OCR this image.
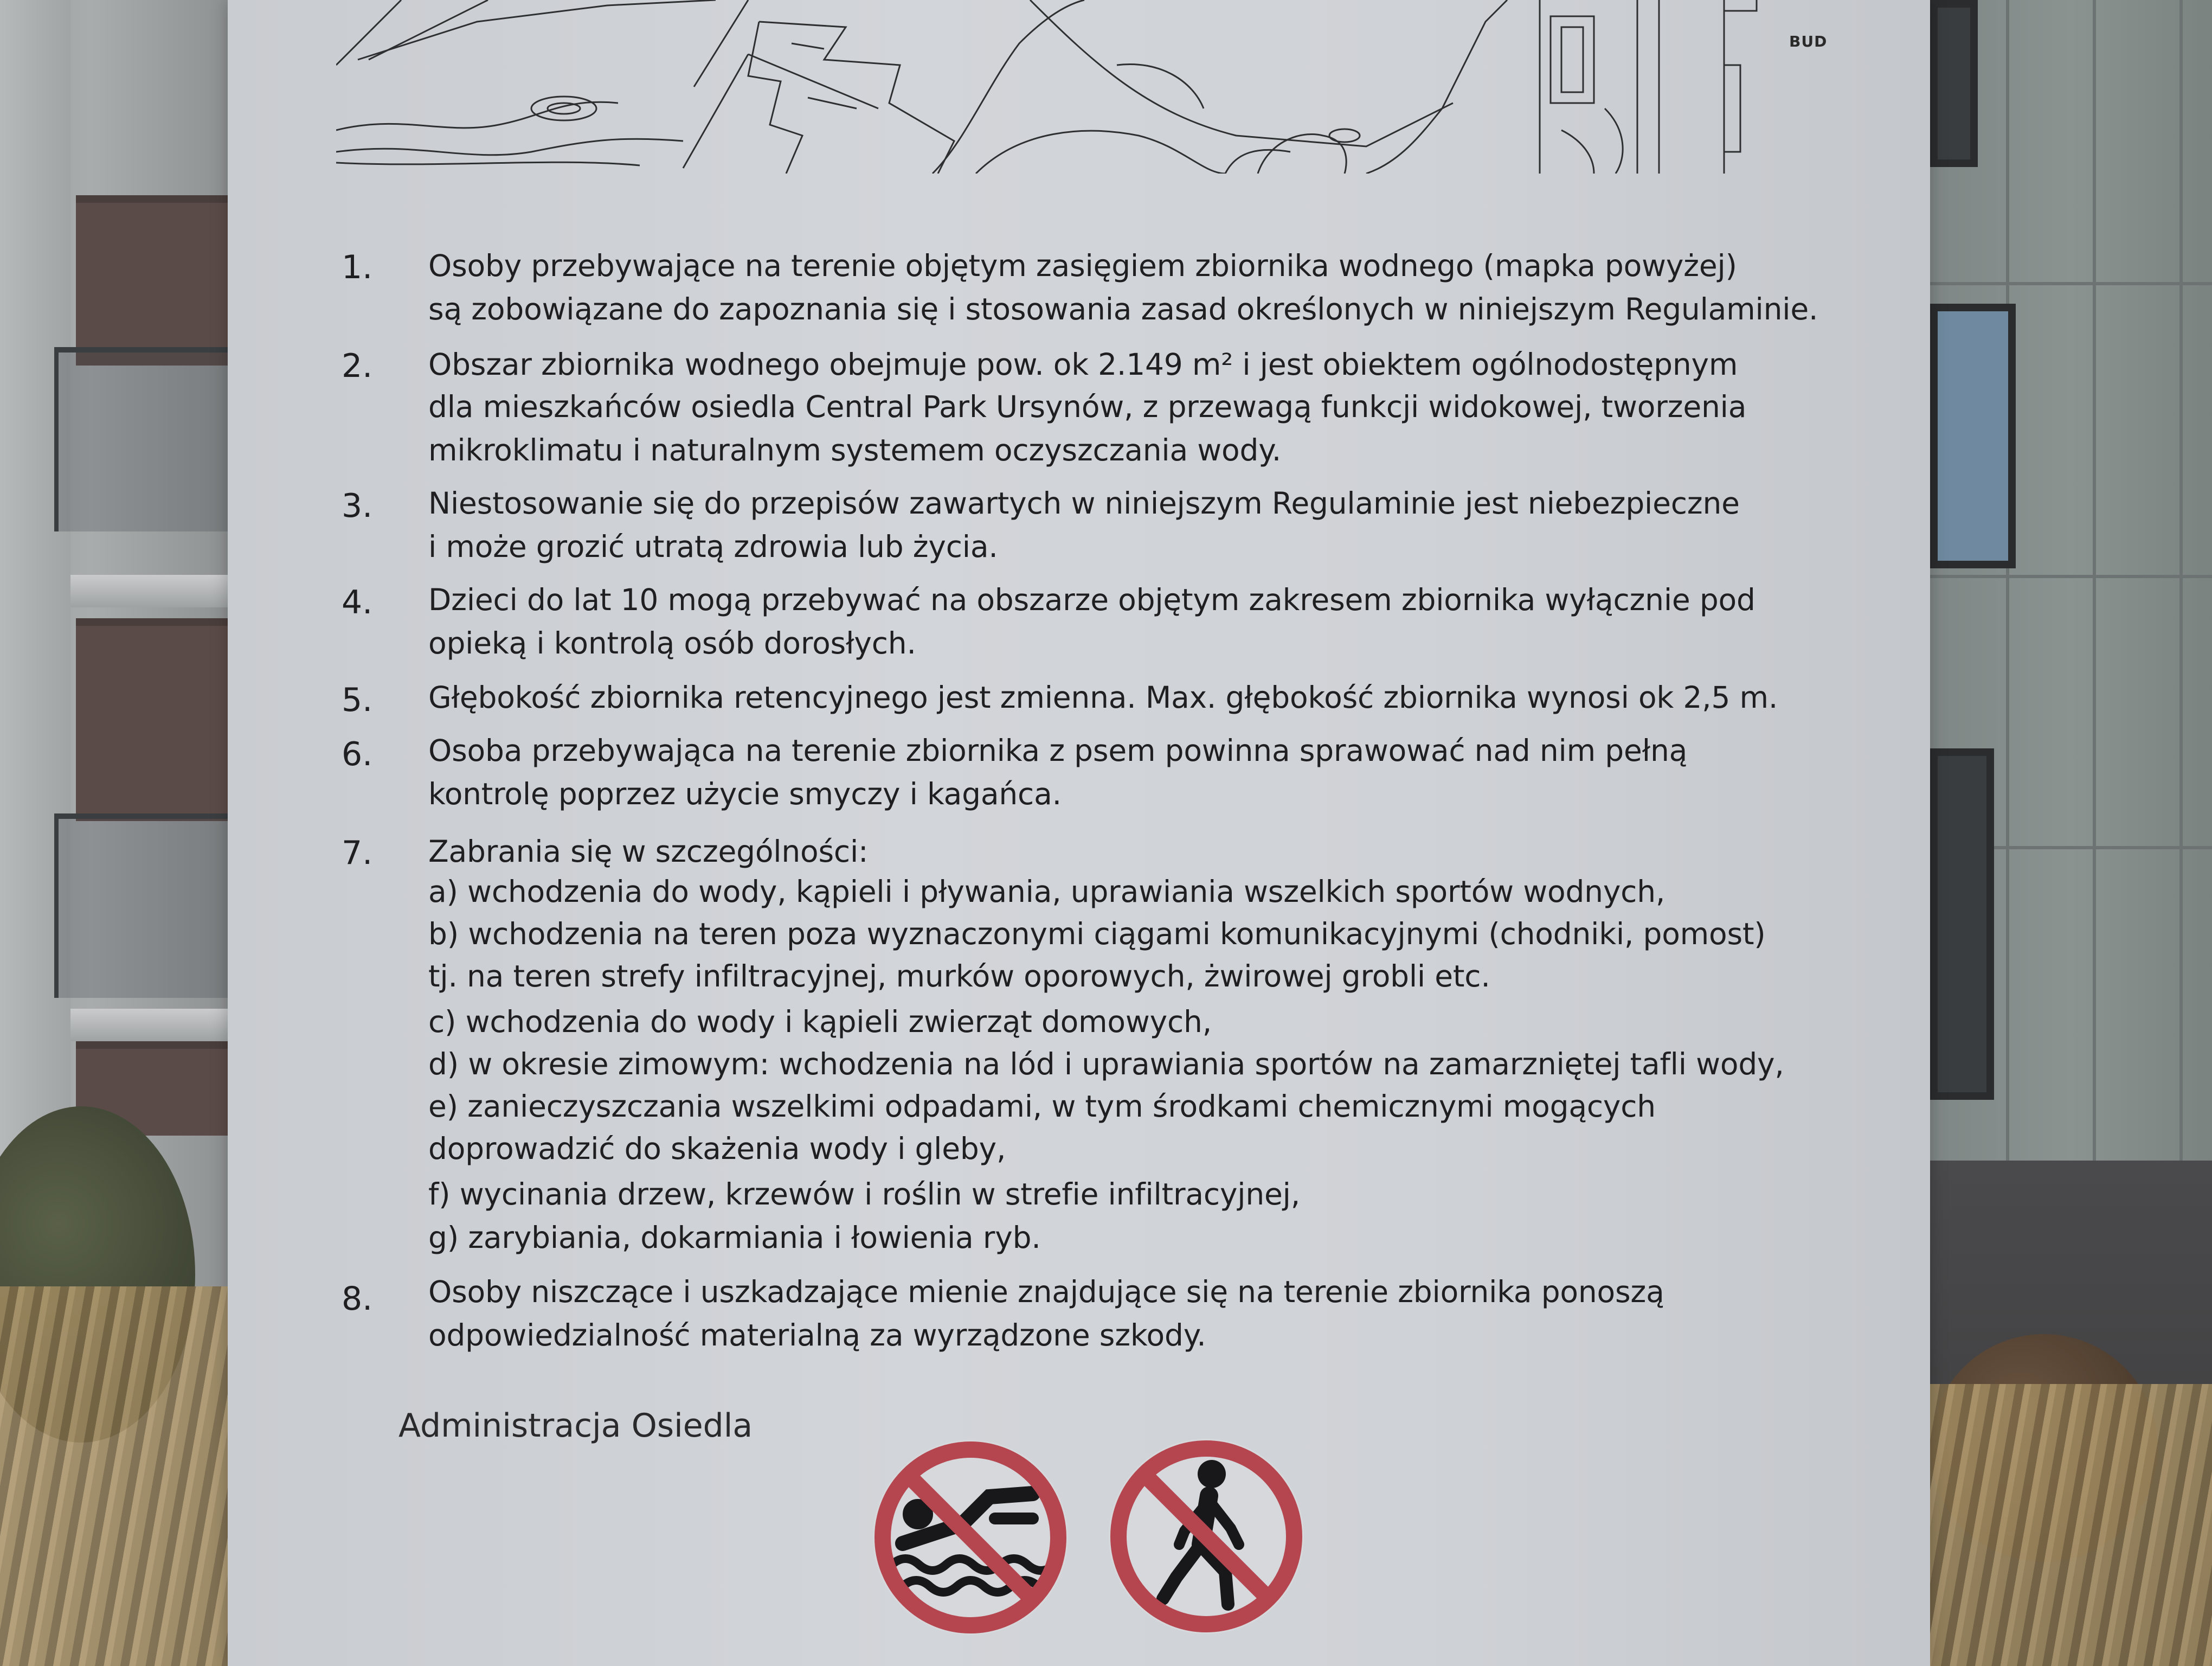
BUD
1. Osoby przebywające na terenie objętym zasięgiem zbiornika wodnego (mapka powyżej)
są zobowiązane do zapoznania się i stosowania zasad określonych w niniejszym Regulaminie.
2. Obszar zbiornika wodnego obejmuje pow. ok 2.149 m² i jest obiektem ogólnodostępnym
dla mieszkańców osiedla Central Park Ursynów, z przewagą funkcji widokowej, tworzenia
mikroklimatu i naturalnym systemem oczyszczania wody.
3. Niestosowanie się do przepisów zawartych w niniejszym Regulaminie jest niebezpieczne
i może grozić utratą zdrowia lub życia.
4. Dzieci do lat 10 mogą przebywać na obszarze objętym zakresem zbiornika wyłącznie pod
opieką i kontrolą osób dorosłych.
5. Głębokość zbiornika retencyjnego jest zmienna. Max. głębokość zbiornika wynosi ok 2,5 m.
6. Osoba przebywająca na terenie zbiornika z psem powinna sprawować nad nim pełną
kontrolę poprzez użycie smyczy i kagańca.
7. Zabrania się w szczególności:
a) wchodzenia do wody, kąpieli i pływania, uprawiania wszelkich sportów wodnych,
b) wchodzenia na teren poza wyznaczonymi ciągami komunikacyjnymi (chodniki, pomost)
tj. na teren strefy infiltracyjnej, murków oporowych, żwirowej grobli etc.
c) wchodzenia do wody i kąpieli zwierząt domowych,
d) w okresie zimowym: wchodzenia na lód i uprawiania sportów na zamarzniętej tafli wody,
e) zanieczyszczania wszelkimi odpadami, w tym środkami chemicznymi mogących
doprowadzić do skażenia wody i gleby,
f) wycinania drzew, krzewów i roślin w strefie infiltracyjnej,
g) zarybiania, dokarmiania i łowienia ryb.
8. Osoby niszczące i uszkadzające mienie znajdujące się na terenie zbiornika ponoszą
odpowiedzialność materialną za wyrządzone szkody.
Administracja Osiedla
